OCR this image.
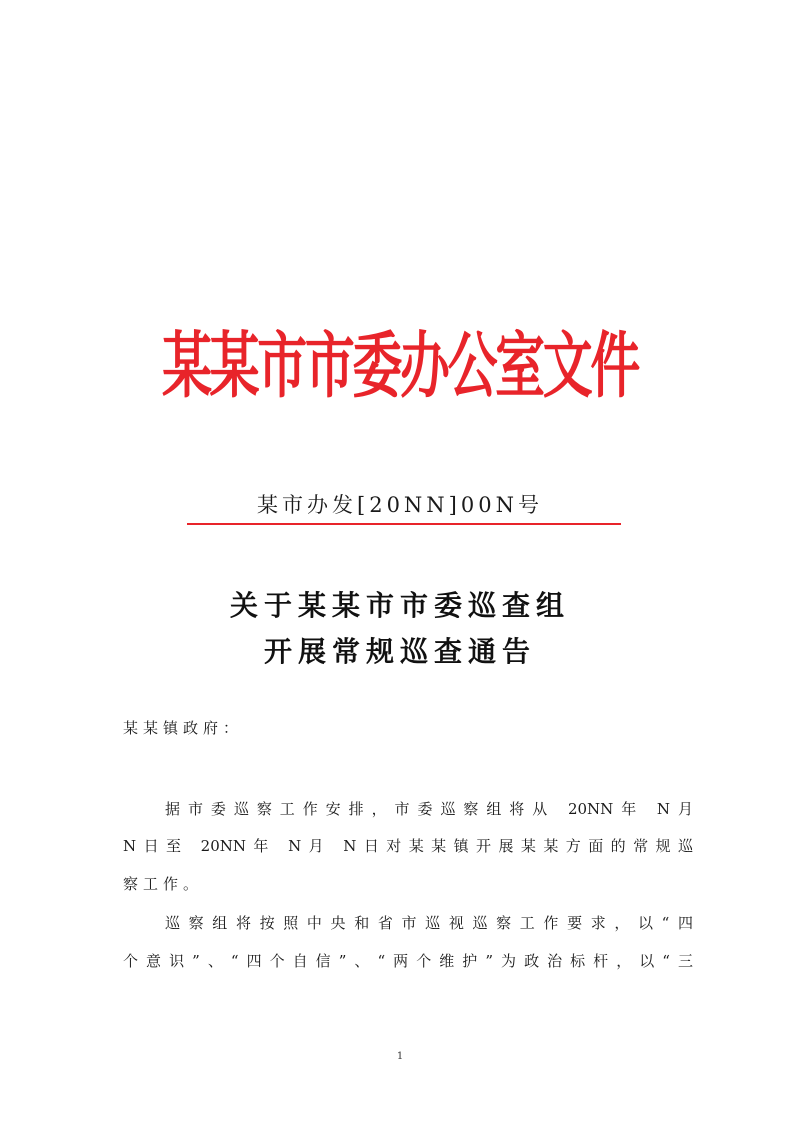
某某市市委办公室文件
某市办发[20NN]00N号
关于某某市市委巡查组
开展常规巡查通告
某某镇政府：
据市委巡察工作安排，市委巡察组将从 20NN年 N月
N日至 20NN年 N月 N日对某某镇开展某某方面的常规巡
察工作。
巡察组将按照中央和省市巡视巡察工作要求，以“四
个意识”、“四个自信”、“两个维护”为政治标杆，以“三
1
